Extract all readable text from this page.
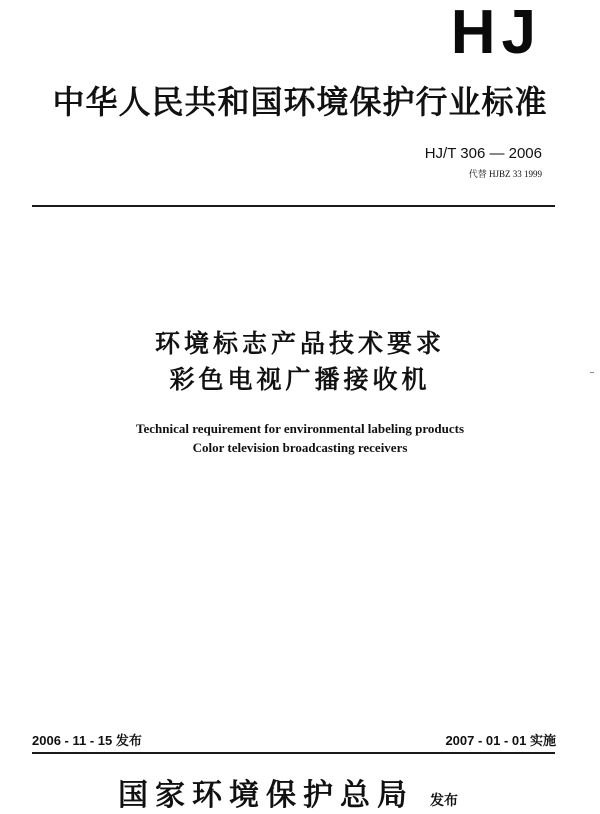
HJ
中华人民共和国环境保护行业标准
HJ/T 306 — 2006
代替 HJBZ 33 1999
环境标志产品技术要求
彩色电视广播接收机
Technical requirement for environmental labeling products
Color television broadcasting receivers
2006 - 11 - 15 发布	2007 - 01 - 01 实施
国家环境保护总局 发布
